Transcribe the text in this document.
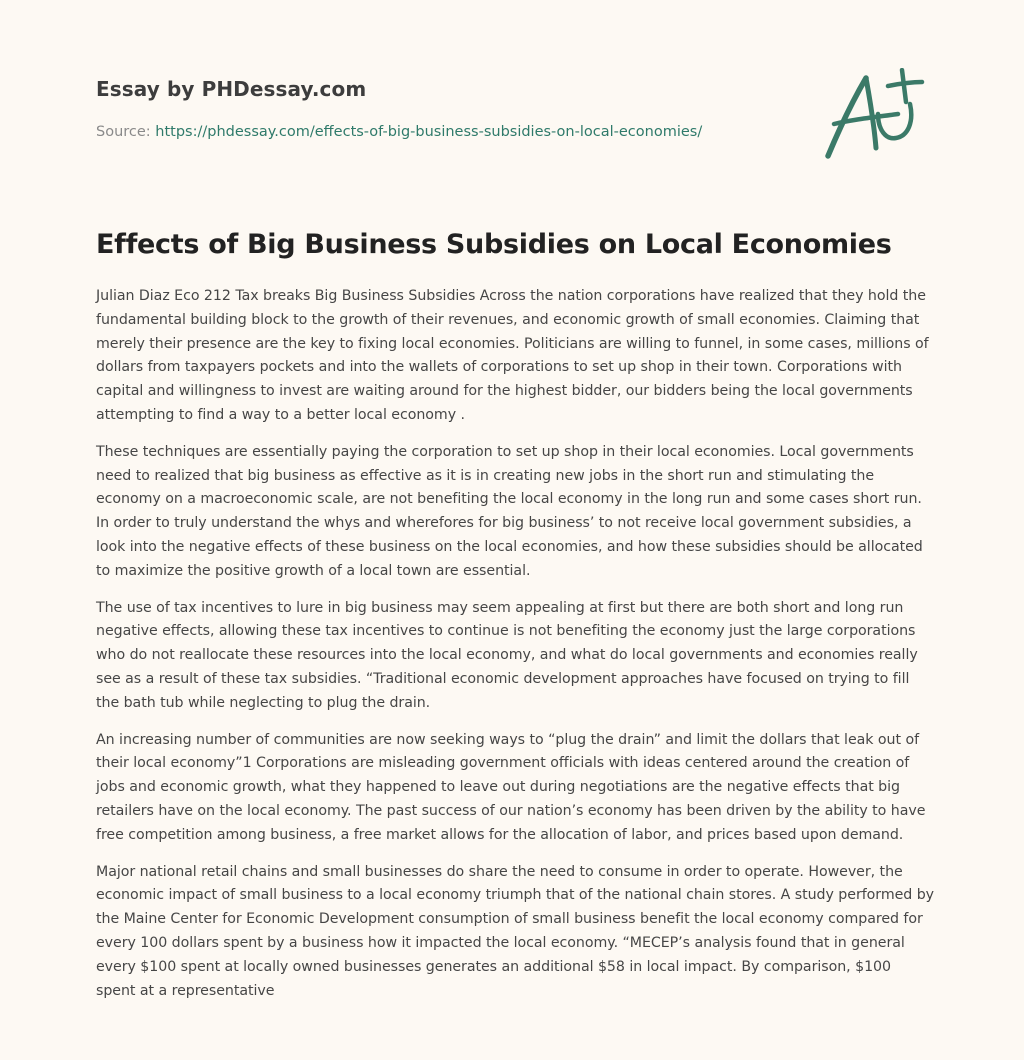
Essay by PHDessay.com
Source: https://phdessay.com/effects-of-big-business-subsidies-on-local-economies/
Effects of Big Business Subsidies on Local Economies

Julian Diaz Eco 212 Tax breaks Big Business Subsidies Across the nation corporations have realized that they hold the fundamental building block to the growth of their revenues, and economic growth of small economies. Claiming that merely their presence are the key to fixing local economies. Politicians are willing to funnel, in some cases, millions of dollars from taxpayers pockets and into the wallets of corporations to set up shop in their town. Corporations with capital and willingness to invest are waiting around for the highest bidder, our bidders being the local governments attempting to find a way to a better local economy .

These techniques are essentially paying the corporation to set up shop in their local economies. Local governments need to realized that big business as effective as it is in creating new jobs in the short run and stimulating the economy on a macroeconomic scale, are not benefiting the local economy in the long run and some cases short run. In order to truly understand the whys and wherefores for big business’ to not receive local government subsidies, a look into the negative effects of these business on the local economies, and how these subsidies should be allocated to maximize the positive growth of a local town are essential.

The use of tax incentives to lure in big business may seem appealing at first but there are both short and long run negative effects, allowing these tax incentives to continue is not benefiting the economy just the large corporations who do not reallocate these resources into the local economy, and what do local governments and economies really see as a result of these tax subsidies. “Traditional economic development approaches have focused on trying to fill the bath tub while neglecting to plug the drain.

An increasing number of communities are now seeking ways to “plug the drain” and limit the dollars that leak out of their local economy”1 Corporations are misleading government officials with ideas centered around the creation of jobs and economic growth, what they happened to leave out during negotiations are the negative effects that big retailers have on the local economy. The past success of our nation’s economy has been driven by the ability to have free competition among business, a free market allows for the allocation of labor, and prices based upon demand.

Major national retail chains and small businesses do share the need to consume in order to operate. However, the economic impact of small business to a local economy triumph that of the national chain stores. A study performed by the Maine Center for Economic Development consumption of small business benefit the local economy compared for every 100 dollars spent by a business how it impacted the local economy. “MECEP’s analysis found that in general every $100 spent at locally owned businesses generates an additional $58 in local impact. By comparison, $100 spent at a representative
